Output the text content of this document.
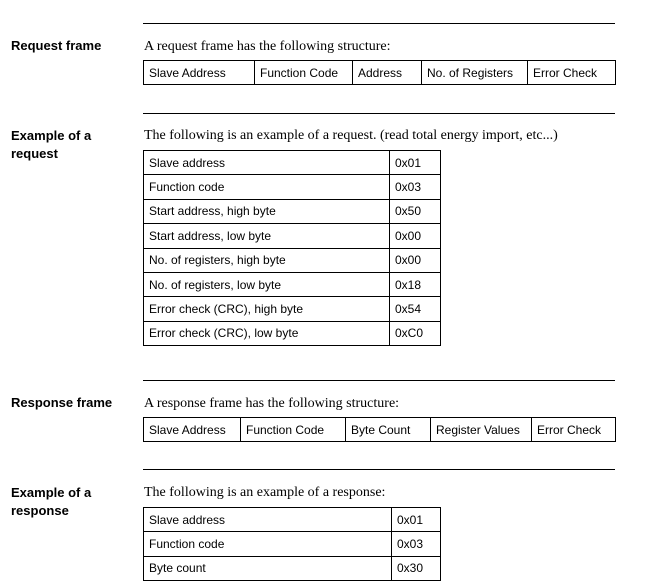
Request frame	A request frame has the following structure:
Slave Address	Function Code	Address	No. of Registers	Error Check
Example of a request
The following is an example of a request. (read total energy import, etc...)
Slave address	0x01
Function code	0x03
Start address, high byte	0x50
Start address, low byte	0x00
No. of registers, high byte	0x00
No. of registers, low byte	0x18
Error check (CRC), high byte	0x54
Error check (CRC), low byte	0xC0
Response frame	A response frame has the following structure:
Slave Address	Function Code	Byte Count	Register Values	Error Check
Example of a response
The following is an example of a response:
Slave address	0x01
Function code	0x03
Byte count	0x30
